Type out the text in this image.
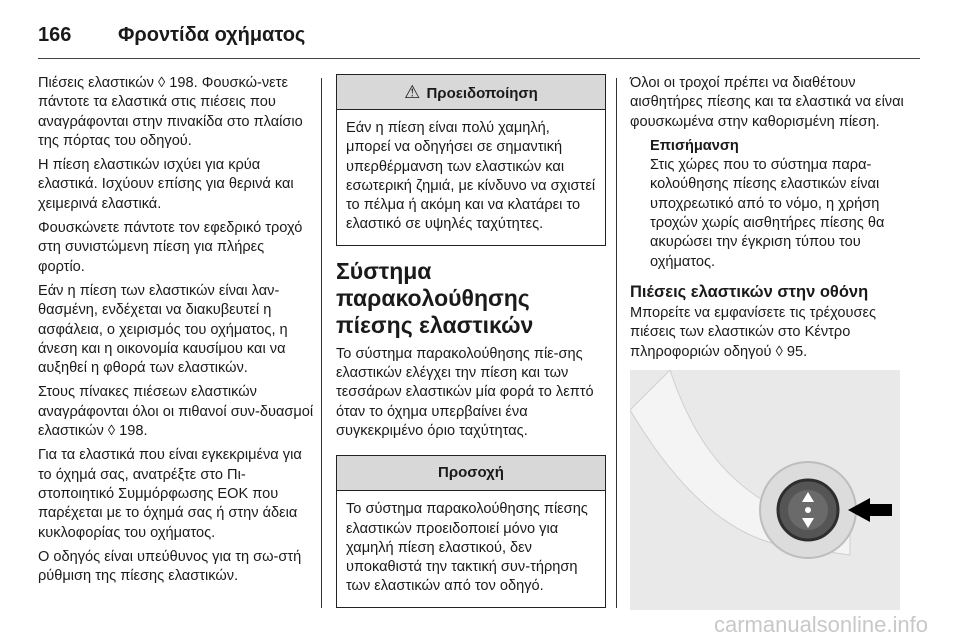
166	Φροντίδα οχήματος

Πιέσεις ελαστικών ◊ 198. Φουσκώ-νετε πάντοτε τα ελαστικά στις πιέσεις που αναγράφονται στην πινακίδα στο πλαίσιο της πόρτας του οδηγού.

Η πίεση ελαστικών ισχύει για κρύα ελαστικά. Ισχύουν επίσης για θερινά και χειμερινά ελαστικά.

Φουσκώνετε πάντοτε τον εφεδρικό τροχό στη συνιστώμενη πίεση για πλήρες φορτίο.

Εάν η πίεση των ελαστικών είναι λαν-θασμένη, ενδέχεται να διακυβευτεί η ασφάλεια, ο χειρισμός του οχήματος, η άνεση και η οικονομία καυσίμου και να αυξηθεί η φθορά των ελαστικών.

Στους πίνακες πιέσεων ελαστικών αναγράφονται όλοι οι πιθανοί συν-δυασμοί ελαστικών ◊ 198.

Για τα ελαστικά που είναι εγκεκριμένα για το όχημά σας, ανατρέξτε στο Πι-στοποιητικό Συμμόρφωσης ΕΟΚ που παρέχεται με το όχημά σας ή στην άδεια κυκλοφορίας του οχήματος.

Ο οδηγός είναι υπεύθυνος για τη σω-στή ρύθμιση της πίεσης ελαστικών.

⚠ Προειδοποίηση
Εάν η πίεση είναι πολύ χαμηλή, μπορεί να οδηγήσει σε σημαντική υπερθέρμανση των ελαστικών και εσωτερική ζημιά, με κίνδυνο να σχιστεί το πέλμα ή ακόμη και να κλατάρει το ελαστικό σε υψηλές ταχύτητες.
Σύστημα παρακολούθησης πίεσης ελαστικών

Το σύστημα παρακολούθησης πίε-σης ελαστικών ελέγχει την πίεση και των τεσσάρων ελαστικών μία φορά το λεπτό όταν το όχημα υπερβαίνει ένα συγκεκριμένο όριο ταχύτητας.

Προσοχή
Το σύστημα παρακολούθησης πίεσης ελαστικών προειδοποιεί μόνο για χαμηλή πίεση ελαστικού, δεν υποκαθιστά την τακτική συν-τήρηση των ελαστικών από τον οδηγό.

Όλοι οι τροχοί πρέπει να διαθέτουν αισθητήρες πίεσης και τα ελαστικά να είναι φουσκωμένα στην καθορισμένη πίεση.

Επισήμανση
Στις χώρες που το σύστημα παρα-κολούθησης πίεσης ελαστικών είναι υποχρεωτικό από το νόμο, η χρήση τροχών χωρίς αισθητήρες πίεσης θα ακυρώσει την έγκριση τύπου του οχήματος.
Πιέσεις ελαστικών στην οθόνη

Μπορείτε να εμφανίσετε τις τρέχουσες πιέσεις των ελαστικών στο Κέντρο πληροφοριών οδηγού ◊ 95.

carmanualsonline.info
